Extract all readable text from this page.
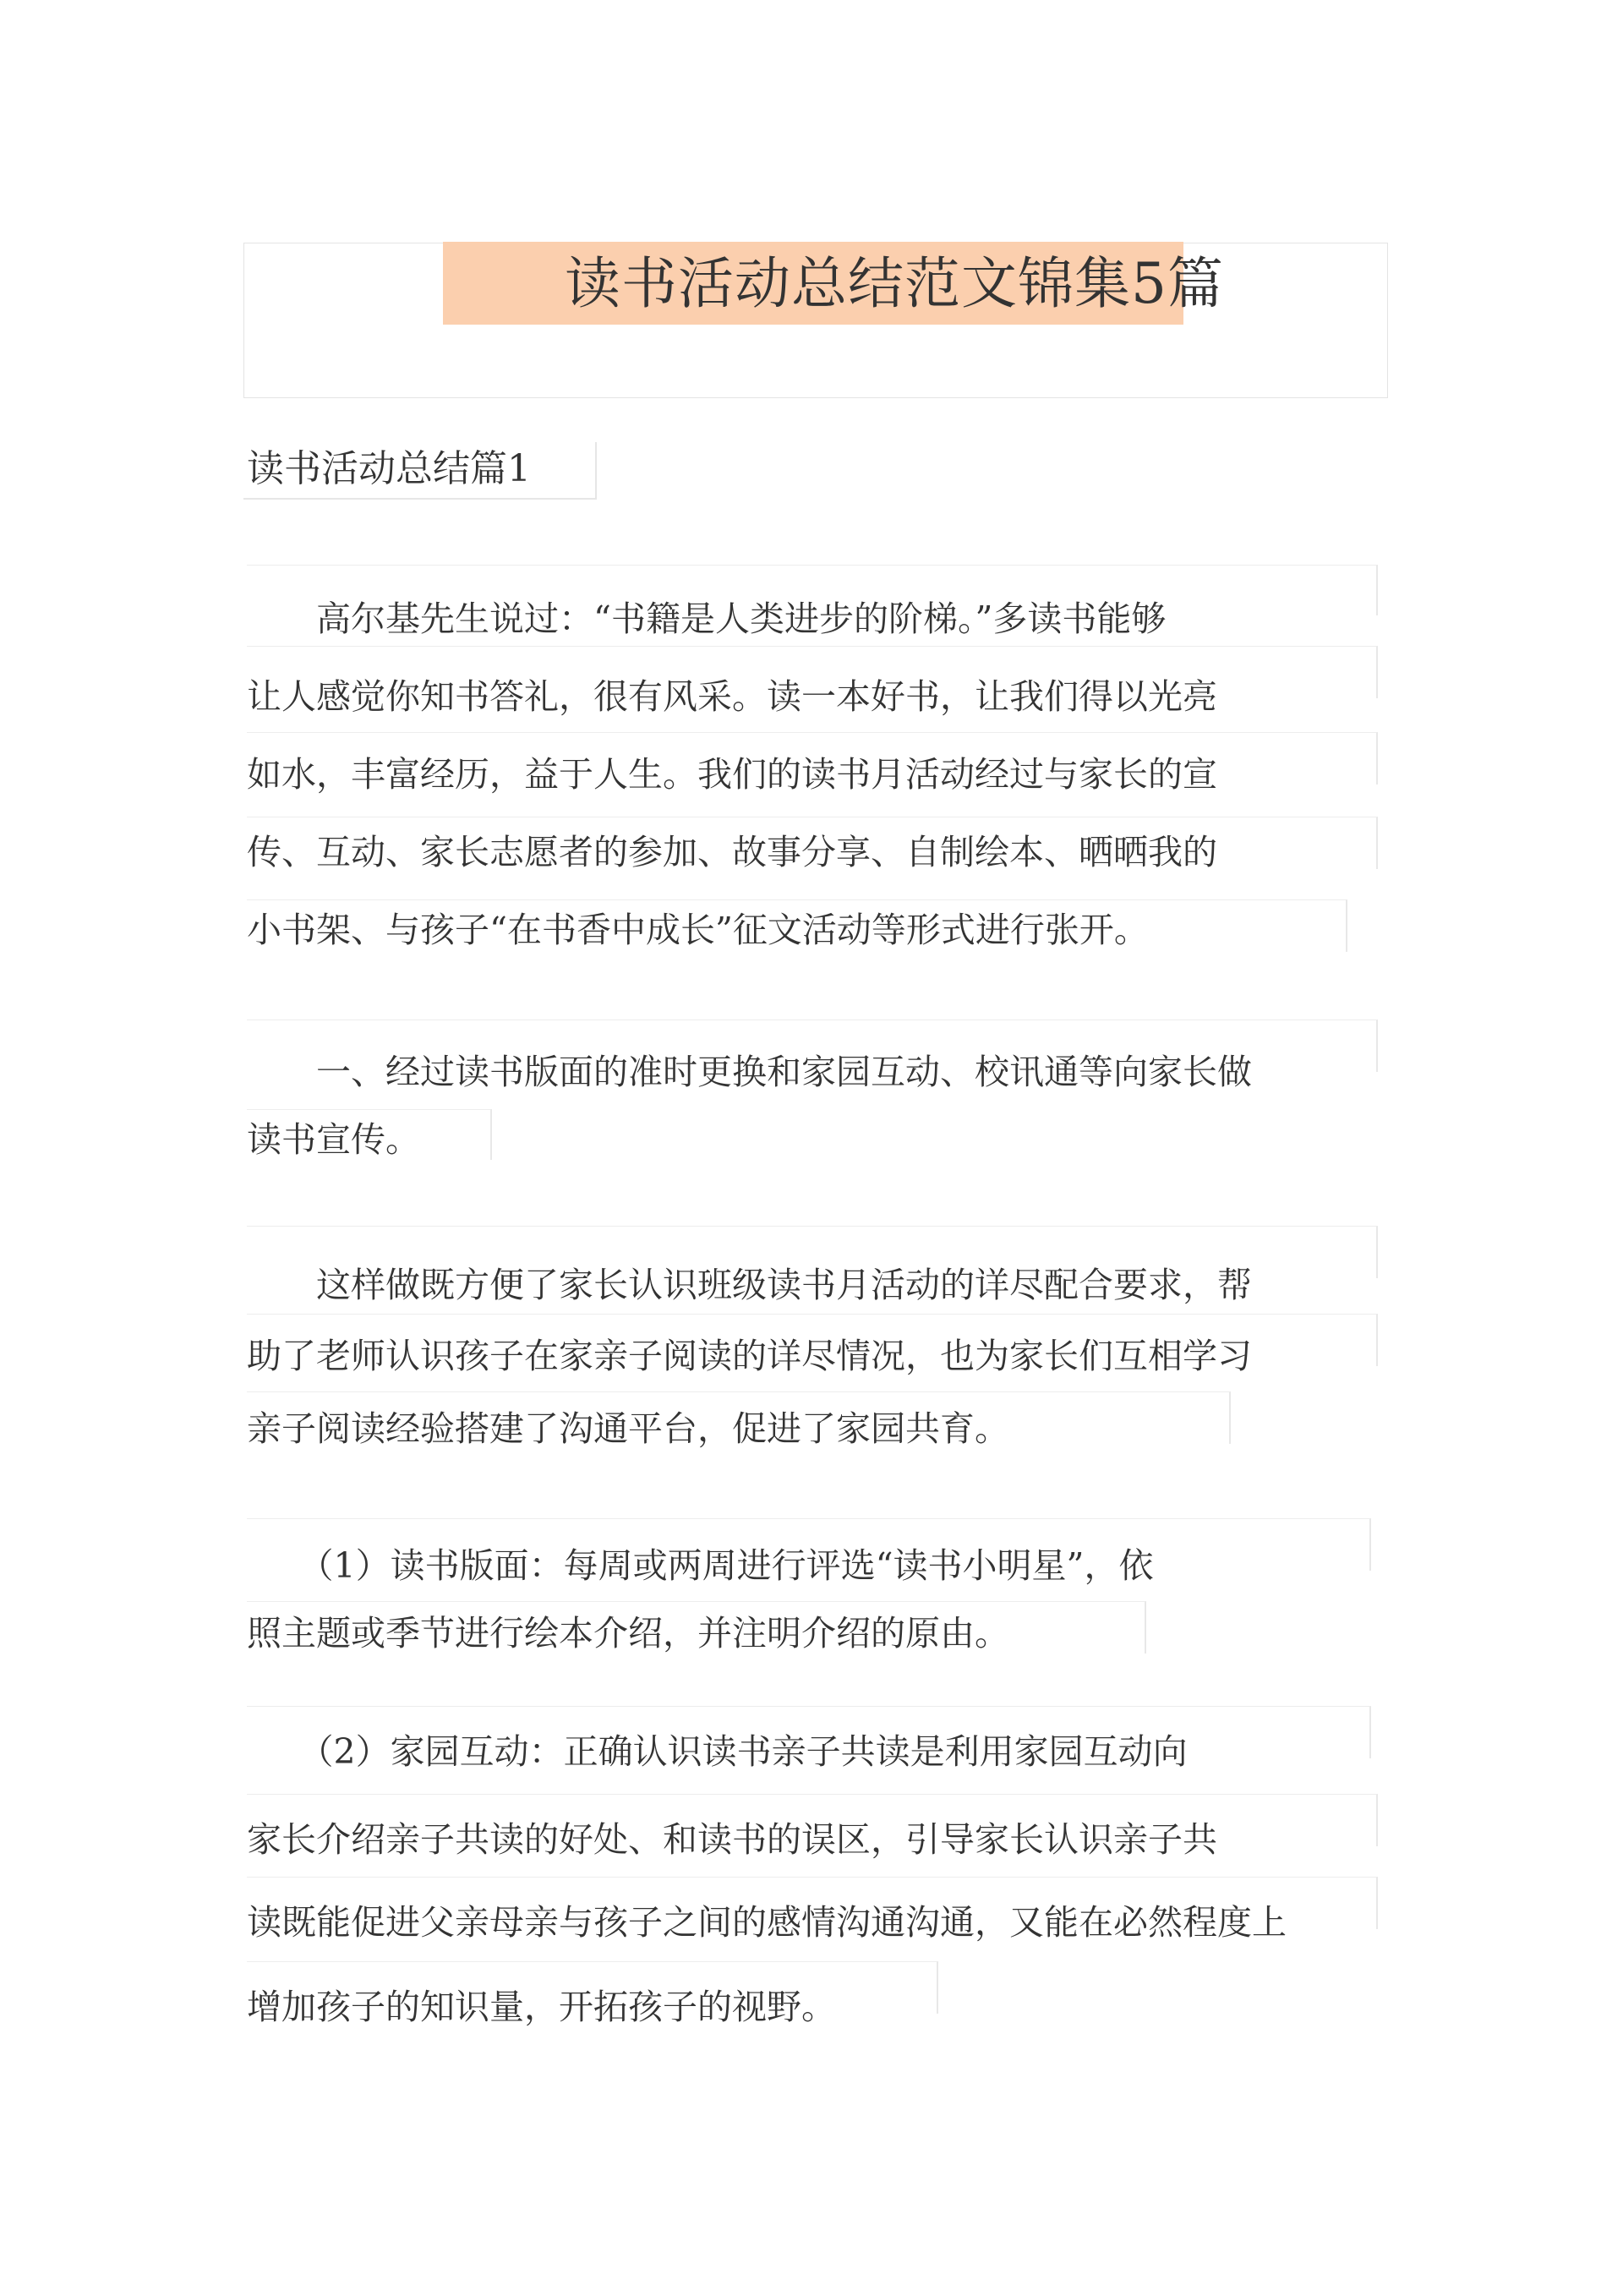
读书活动总结范文锦集5篇
读书活动总结篇1
　　高尔基先生说过：“书籍是人类进步的阶梯。”多读书能够
让人感觉你知书答礼，很有风采。读一本好书，让我们得以光亮
如水，丰富经历，益于人生。我们的读书月活动经过与家长的宣
传、互动、家长志愿者的参加、故事分享、自制绘本、晒晒我的
小书架、与孩子“在书香中成长”征文活动等形式进行张开。
　　一、经过读书版面的准时更换和家园互动、校讯通等向家长做
读书宣传。
　　这样做既方便了家长认识班级读书月活动的详尽配合要求，帮
助了老师认识孩子在家亲子阅读的详尽情况，也为家长们互相学习
亲子阅读经验搭建了沟通平台，促进了家园共育。
　　（1）读书版面：每周或两周进行评选“读书小明星”，依
照主题或季节进行绘本介绍，并注明介绍的原由。
　　（2）家园互动：正确认识读书亲子共读是利用家园互动向
家长介绍亲子共读的好处、和读书的误区，引导家长认识亲子共
读既能促进父亲母亲与孩子之间的感情沟通沟通，又能在必然程度上
增加孩子的知识量，开拓孩子的视野。
